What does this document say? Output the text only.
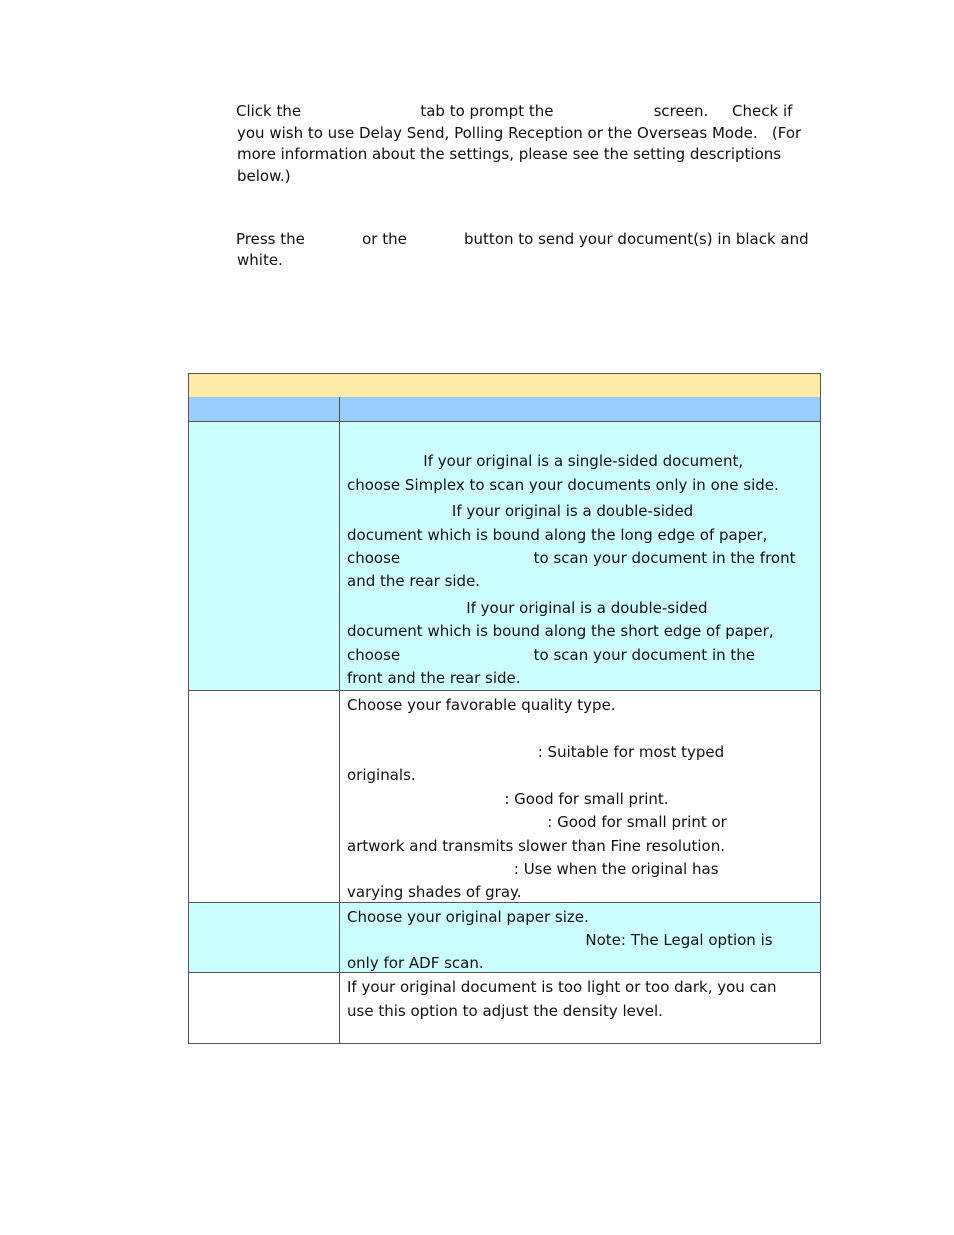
Click the                         tab to prompt the                     screen.     Check if
you wish to use Delay Send, Polling Reception or the Overseas Mode.   (For
more information about the settings, please see the setting descriptions
below.)
Press the            or the            button to send your document(s) in black and
white.
If your original is a single-sided document,
choose Simplex to scan your documents only in one side.
If your original is a double-sided
document which is bound along the long edge of paper,
choose                            to scan your document in the front
and the rear side.
If your original is a double-sided
document which is bound along the short edge of paper,
choose                            to scan your document in the
front and the rear side.
Choose your favorable quality type.
: Suitable for most typed
originals.
: Good for small print.
: Good for small print or
artwork and transmits slower than Fine resolution.
: Use when the original has
varying shades of gray.
Choose your original paper size.
Note: The Legal option is
only for ADF scan.
If your original document is too light or too dark, you can
use this option to adjust the density level.
